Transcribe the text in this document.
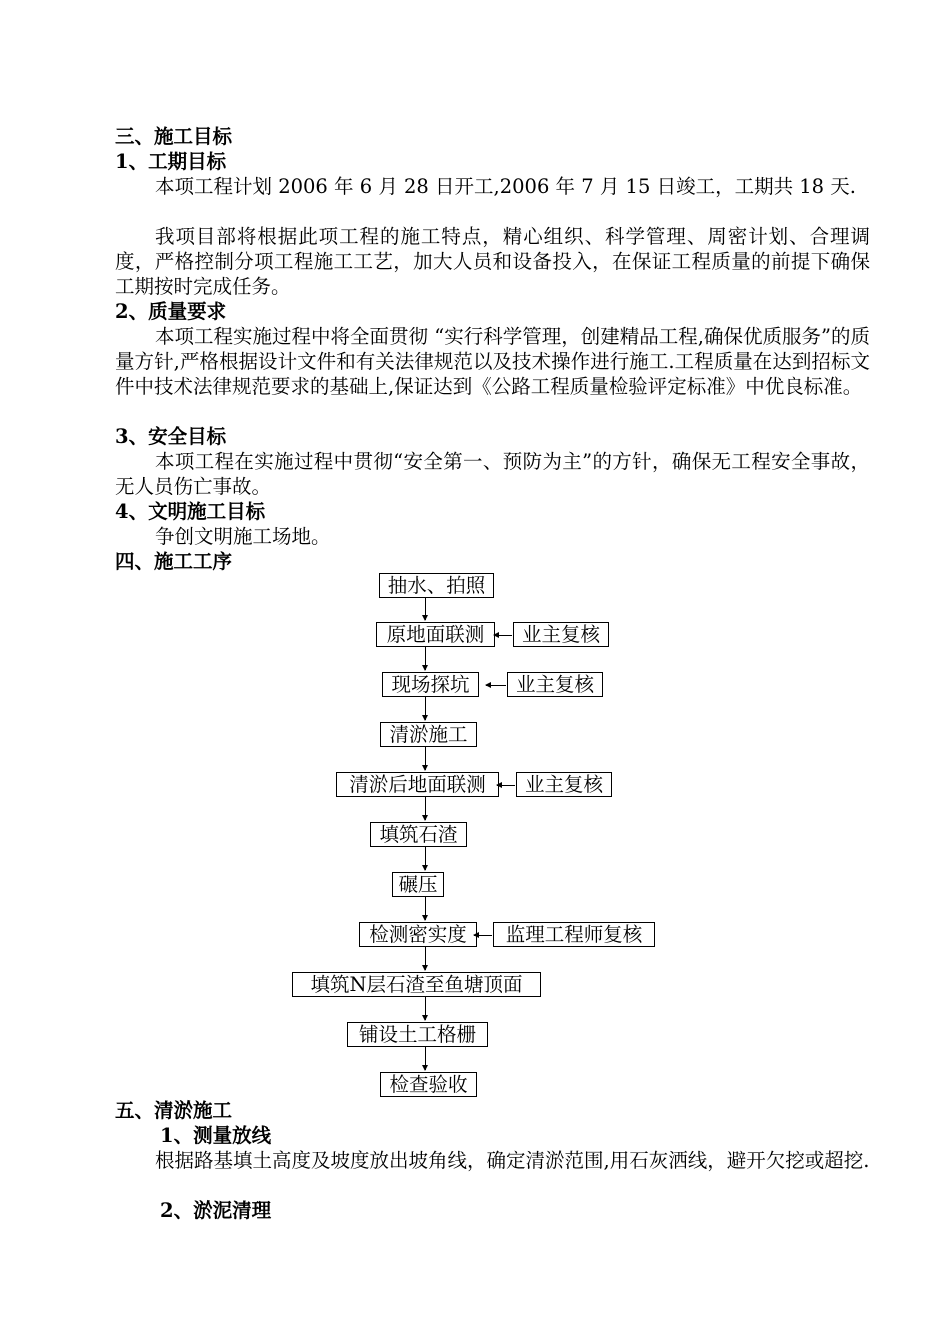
三、施工目标
1、工期目标
本项工程计划 2006 年 6 月 28 日开工,2006 年 7 月 15 日竣工，工期共 18 天.
我项目部将根据此项工程的施工特点，精心组织、科学管理、周密计划、合理调度，严格控制分项工程施工工艺，加大人员和设备投入，在保证工程质量的前提下确保工期按时完成任务。
2、质量要求
本项工程实施过程中将全面贯彻 “实行科学管理，创建精品工程,确保优质服务”的质量方针,严格根据设计文件和有关法律规范以及技术操作进行施工.工程质量在达到招标文件中技术法律规范要求的基础上,保证达到《公路工程质量检验评定标准》中优良标准。
3、安全目标
本项工程在实施过程中贯彻“安全第一、预防为主”的方针，确保无工程安全事故，无人员伤亡事故。
4、文明施工目标
争创文明施工场地。
四、施工工序
抽水、拍照
原地面联测	业主复核
现场探坑	业主复核
清淤施工
清淤后地面联测	业主复核
填筑石渣
碾压
检测密实度	监理工程师复核
填筑N层石渣至鱼塘顶面
铺设土工格栅
检查验收
五、清淤施工
1、测量放线
根据路基填土高度及坡度放出坡角线，确定清淤范围,用石灰洒线，避开欠挖或超挖.
2、淤泥清理
